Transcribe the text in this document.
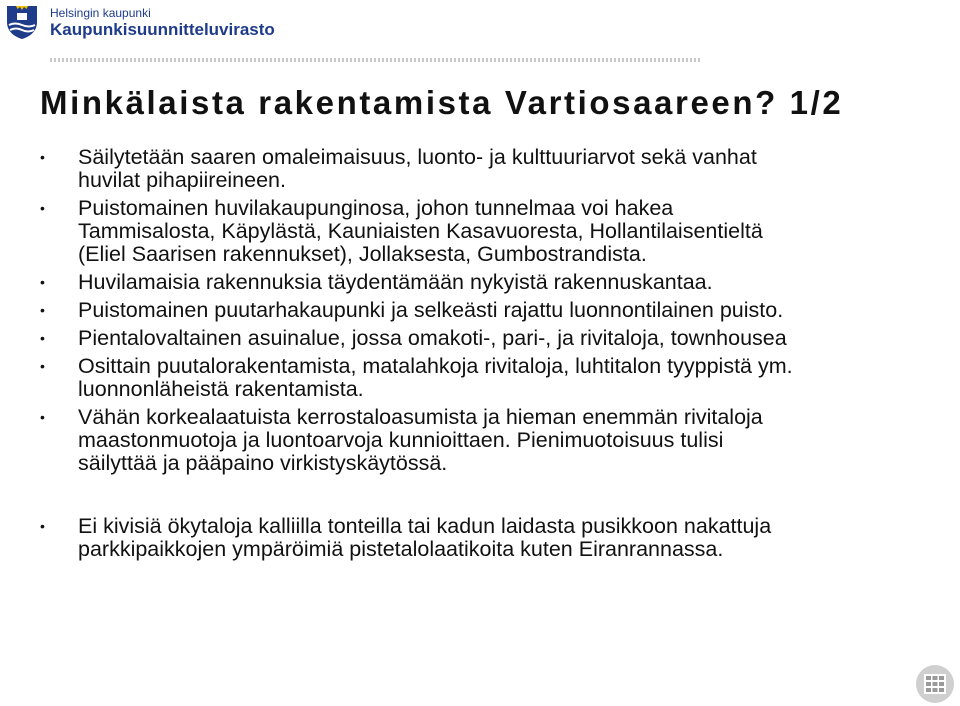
Helsingin kaupunki
Kaupunkisuunnitteluvirasto
Minkälaista rakentamista Vartiosaareen? 1/2
•	Säilytetään saaren omaleimaisuus, luonto- ja kulttuuriarvot sekä vanhat
huvilat pihapiireineen.
•	Puistomainen huvilakaupunginosa, johon tunnelmaa voi hakea
Tammisalosta, Käpylästä, Kauniaisten Kasavuoresta, Hollantilaisentieltä
(Eliel Saarisen rakennukset), Jollaksesta, Gumbostrandista.
•	Huvilamaisia rakennuksia täydentämään nykyistä rakennuskantaa.
•	Puistomainen puutarhakaupunki ja selkeästi rajattu luonnontilainen puisto.
•	Pientalovaltainen asuinalue, jossa omakoti-, pari-, ja rivitaloja, townhousea
•	Osittain puutalorakentamista, matalahkoja rivitaloja, luhtitalon tyyppistä ym.
luonnonläheistä rakentamista.
•	Vähän korkealaatuista kerrostaloasumista ja hieman enemmän rivitaloja
maastonmuotoja ja luontoarvoja kunnioittaen. Pienimuotoisuus tulisi
säilyttää ja pääpaino virkistyskäytössä.
•	Ei kivisiä ökytaloja kalliilla tonteilla tai kadun laidasta pusikkoon nakattuja
parkkipaikkojen ympäröimiä pistetalolaatikoita kuten Eiranrannassa.
